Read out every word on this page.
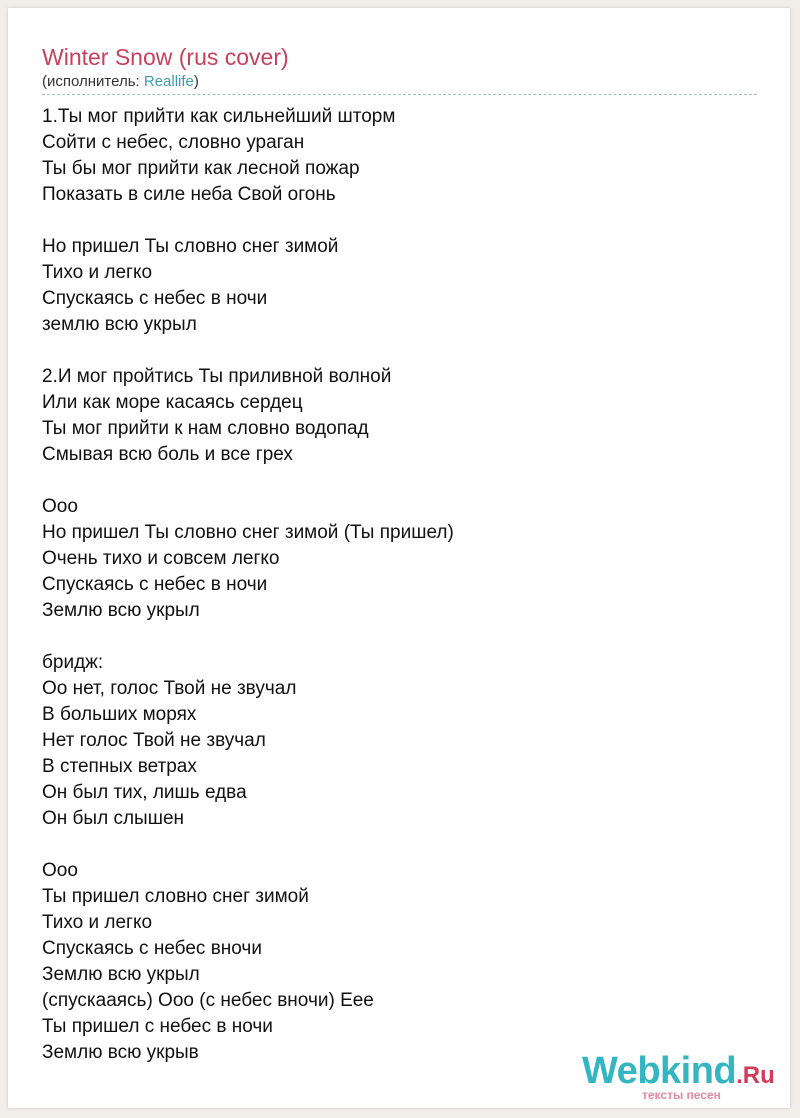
Winter Snow (rus cover)
(исполнитель: Reallife)
1.Ты мог прийти как сильнейший шторм
Сойти с небес, словно ураган
Ты бы мог прийти как лесной пожар
Показать в силе неба Свой огонь
Но пришел Ты словно снег зимой
Тихо и легко
Спускаясь с небес в ночи
землю всю укрыл
2.И мог пройтись Ты приливной волной
Или как море касаясь сердец
Ты мог прийти к нам словно водопад
Смывая всю боль и все грех
Ооо
Но пришел Ты словно снег зимой (Ты пришел)
Очень тихо и совсем легко
Спускаясь с небес в ночи
Землю всю укрыл
бридж:
Оо нет, голос Твой не звучал
В больших морях
Нет голос Твой не звучал
В степных ветрах
Он был тих, лишь едва
Он был слышен
Ооо
Ты пришел словно снег зимой
Тихо и легко
Спускаясь с небес вночи
Землю всю укрыл
(спускааясь) Ооо (с небес вночи) Еее
Ты пришел с небес в ночи
Землю всю укрыв	Webkind.Ru
тексты песен
